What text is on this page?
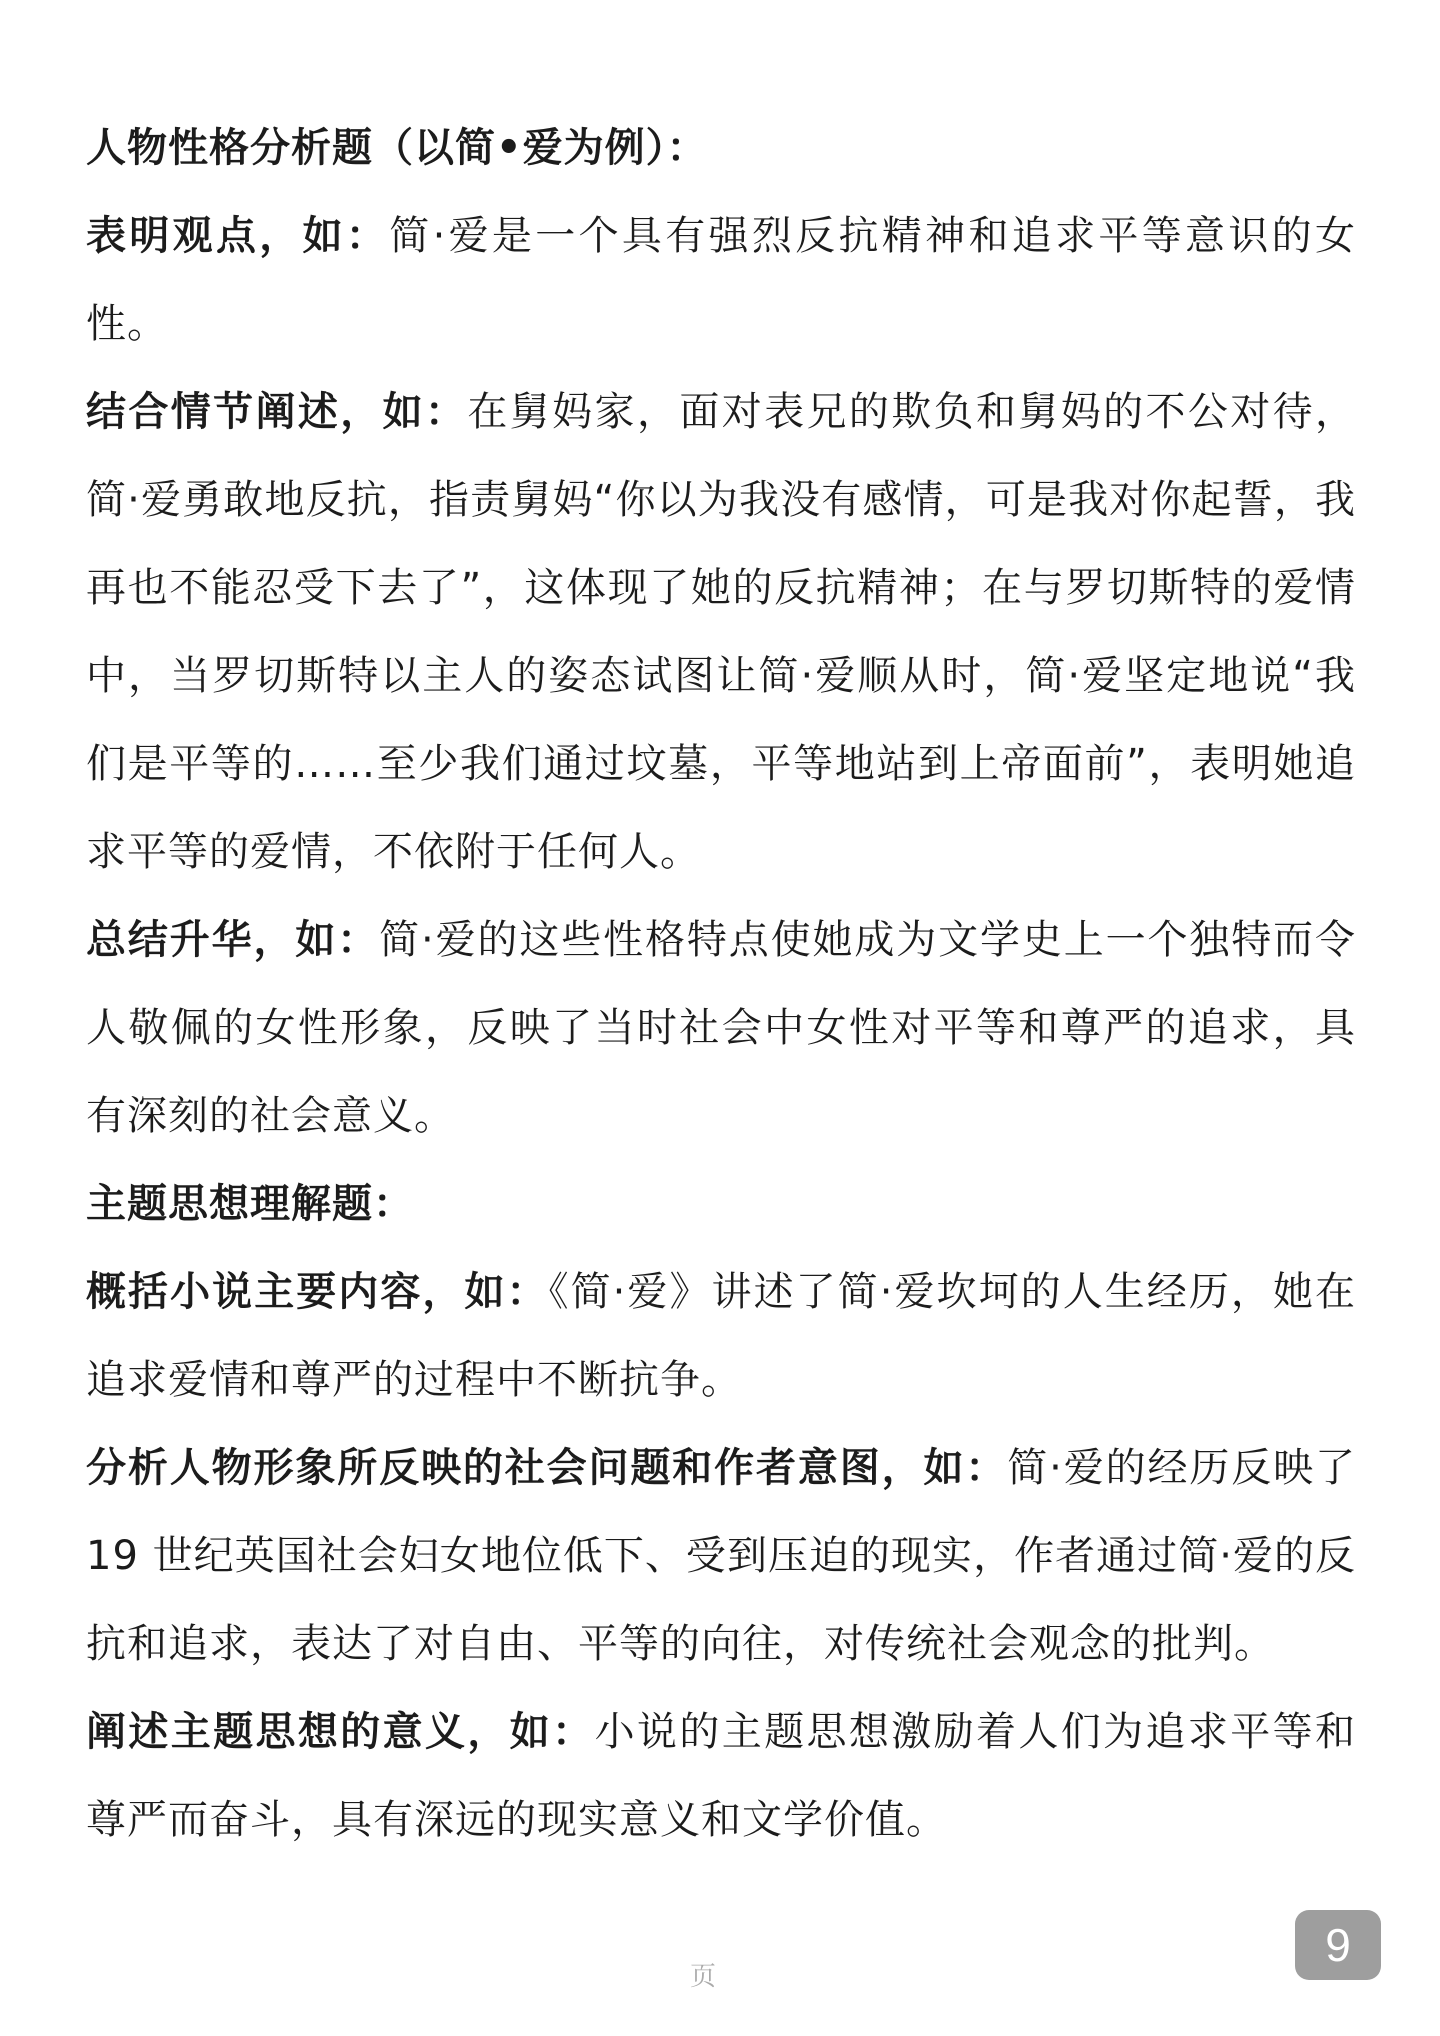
人物性格分析题（以简•爱为例）：

表明观点，如：简·爱是一个具有强烈反抗精神和追求平等意识的女性。

结合情节阐述，如：在舅妈家，面对表兄的欺负和舅妈的不公对待，简·爱勇敢地反抗，指责舅妈“你以为我没有感情，可是我对你起誓，我再也不能忍受下去了”，这体现了她的反抗精神；在与罗切斯特的爱情中，当罗切斯特以主人的姿态试图让简·爱顺从时，简·爱坚定地说“我们是平等的……至少我们通过坟墓，平等地站到上帝面前”，表明她追求平等的爱情，不依附于任何人。

总结升华，如：简·爱的这些性格特点使她成为文学史上一个独特而令人敬佩的女性形象，反映了当时社会中女性对平等和尊严的追求，具有深刻的社会意义。

主题思想理解题：

概括小说主要内容，如：《简·爱》讲述了简·爱坎坷的人生经历，她在追求爱情和尊严的过程中不断抗争。

分析人物形象所反映的社会问题和作者意图，如：简·爱的经历反映了 19 世纪英国社会妇女地位低下、受到压迫的现实，作者通过简·爱的反抗和追求，表达了对自由、平等的向往，对传统社会观念的批判。

阐述主题思想的意义，如：小说的主题思想激励着人们为追求平等和尊严而奋斗，具有深远的现实意义和文学价值。

9
页
